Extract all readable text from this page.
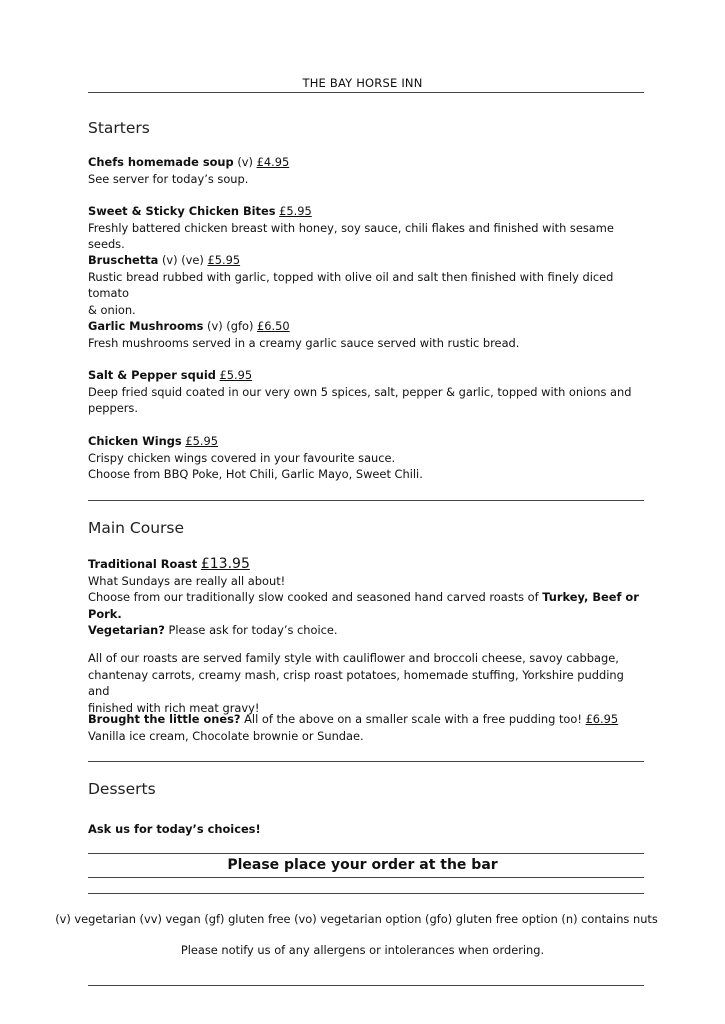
THE BAY HORSE INN
Starters
Chefs homemade soup (v) £4.95
See server for today’s soup.
Sweet & Sticky Chicken Bites £5.95
Freshly battered chicken breast with honey, soy sauce, chili flakes and finished with sesame seeds.
Bruschetta (v) (ve) £5.95
Rustic bread rubbed with garlic, topped with olive oil and salt then finished with finely diced tomato
& onion.
Garlic Mushrooms (v) (gfo) £6.50
Fresh mushrooms served in a creamy garlic sauce served with rustic bread.
Salt & Pepper squid £5.95
Deep fried squid coated in our very own 5 spices, salt, pepper & garlic, topped with onions and
peppers.
Chicken Wings £5.95
Crispy chicken wings covered in your favourite sauce.
Choose from BBQ Poke, Hot Chili, Garlic Mayo, Sweet Chili.
Main Course
Traditional Roast £13.95
What Sundays are really all about!
Choose from our traditionally slow cooked and seasoned hand carved roasts of Turkey, Beef or Pork.
Vegetarian? Please ask for today’s choice.
All of our roasts are served family style with cauliflower and broccoli cheese, savoy cabbage,
chantenay carrots, creamy mash, crisp roast potatoes, homemade stuffing, Yorkshire pudding and
finished with rich meat gravy!
Brought the little ones? All of the above on a smaller scale with a free pudding too! £6.95
Vanilla ice cream, Chocolate brownie or Sundae.
Desserts
Ask us for today’s choices!
Please place your order at the bar
(v) vegetarian (vv) vegan (gf) gluten free (vo) vegetarian option (gfo) gluten free option (n) contains nuts
Please notify us of any allergens or intolerances when ordering.
